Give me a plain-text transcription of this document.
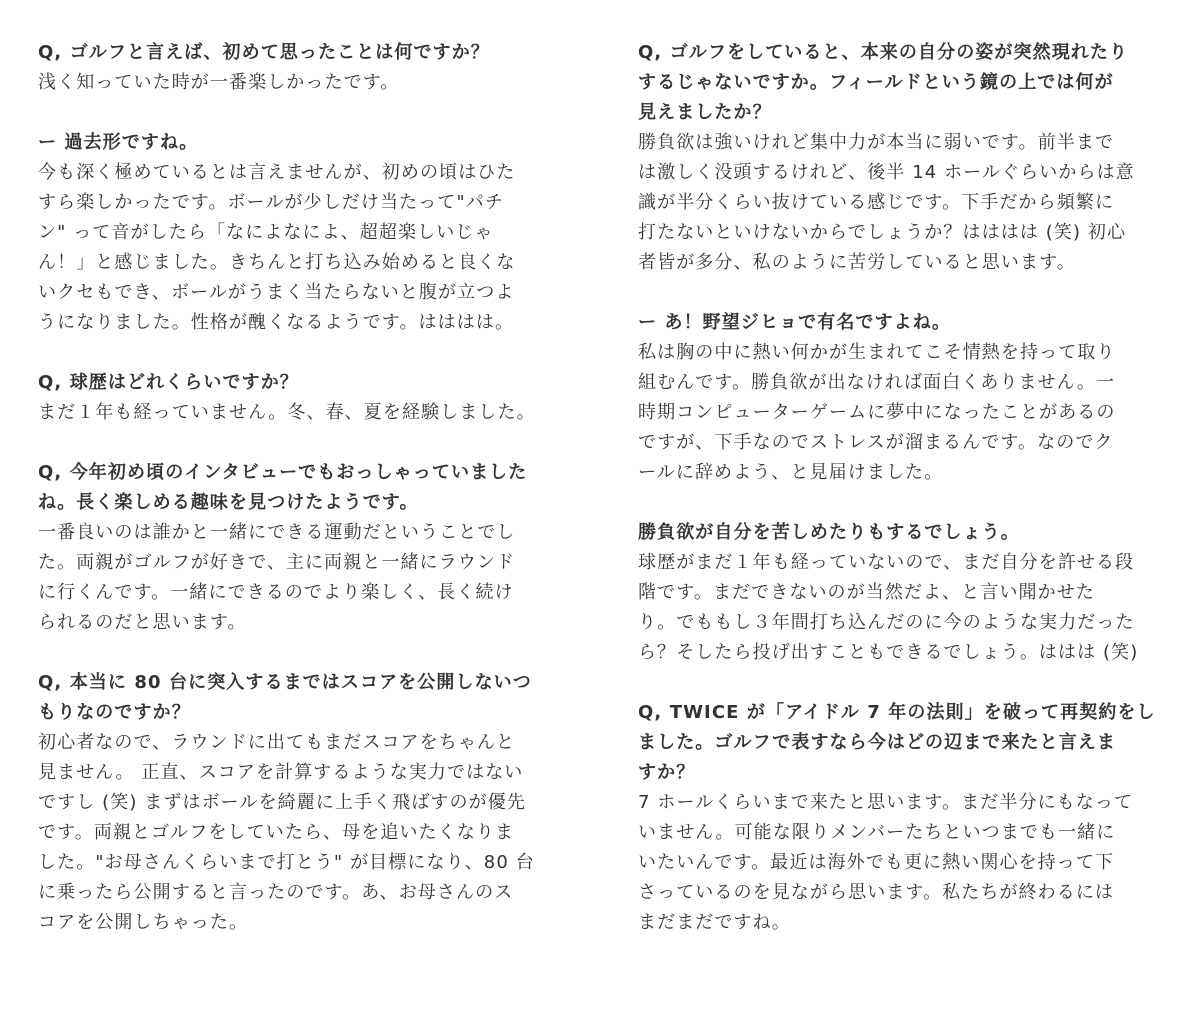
Q, ゴルフと言えば、初めて思ったことは何ですか？

浅く知っていた時が一番楽しかったです。

ー 過去形ですね。

今も深く極めているとは言えませんが、初めの頃はひた
すら楽しかったです。ボールが少しだけ当たって"パチ
ン" って音がしたら「なによなによ、超超楽しいじゃ
ん！」と感じました。きちんと打ち込み始めると良くな
いクセもでき、ボールがうまく当たらないと腹が立つよ
うになりました。性格が醜くなるようです。はははは。

Q, 球歴はどれくらいですか？

まだ１年も経っていません。冬、春、夏を経験しました。

Q, 今年初め頃のインタビューでもおっしゃっていました
ね。長く楽しめる趣味を見つけたようです。

一番良いのは誰かと一緒にできる運動だということでし
た。両親がゴルフが好きで、主に両親と一緒にラウンド
に行くんです。一緒にできるのでより楽しく、長く続け
られるのだと思います。

Q, 本当に 80 台に突入するまではスコアを公開しないつ
もりなのですか？

初心者なので、ラウンドに出てもまだスコアをちゃんと
見ません。 正直、スコアを計算するような実力ではない
ですし (笑) まずはボールを綺麗に上手く飛ばすのが優先
です。両親とゴルフをしていたら、母を追いたくなりま
した。"お母さんくらいまで打とう" が目標になり、80 台
に乗ったら公開すると言ったのです。あ、お母さんのス
コアを公開しちゃった。

Q, ゴルフをしていると、本来の自分の姿が突然現れたり
するじゃないですか。フィールドという鏡の上では何が
見えましたか？

勝負欲は強いけれど集中力が本当に弱いです。前半まで
は激しく没頭するけれど、後半 14 ホールぐらいからは意
識が半分くらい抜けている感じです。下手だから頻繁に
打たないといけないからでしょうか？はははは (笑) 初心
者皆が多分、私のように苦労していると思います。

ー あ！野望ジヒョで有名ですよね。

私は胸の中に熱い何かが生まれてこそ情熱を持って取り
組むんです。勝負欲が出なければ面白くありません。一
時期コンピューターゲームに夢中になったことがあるの
ですが、下手なのでストレスが溜まるんです。なのでク
ールに辞めよう、と見届けました。

勝負欲が自分を苦しめたりもするでしょう。

球歴がまだ１年も経っていないので、まだ自分を許せる段
階です。まだできないのが当然だよ、と言い聞かせた
り。でももし３年間打ち込んだのに今のような実力だった
ら？そしたら投げ出すこともできるでしょう。ははは (笑)

Q, TWICE が「アイドル 7 年の法則」を破って再契約をし
ました。ゴルフで表すなら今はどの辺まで来たと言えま
すか？

7 ホールくらいまで来たと思います。まだ半分にもなって
いません。可能な限りメンバーたちといつまでも一緒に
いたいんです。最近は海外でも更に熱い関心を持って下
さっているのを見ながら思います。私たちが終わるには
まだまだですね。
